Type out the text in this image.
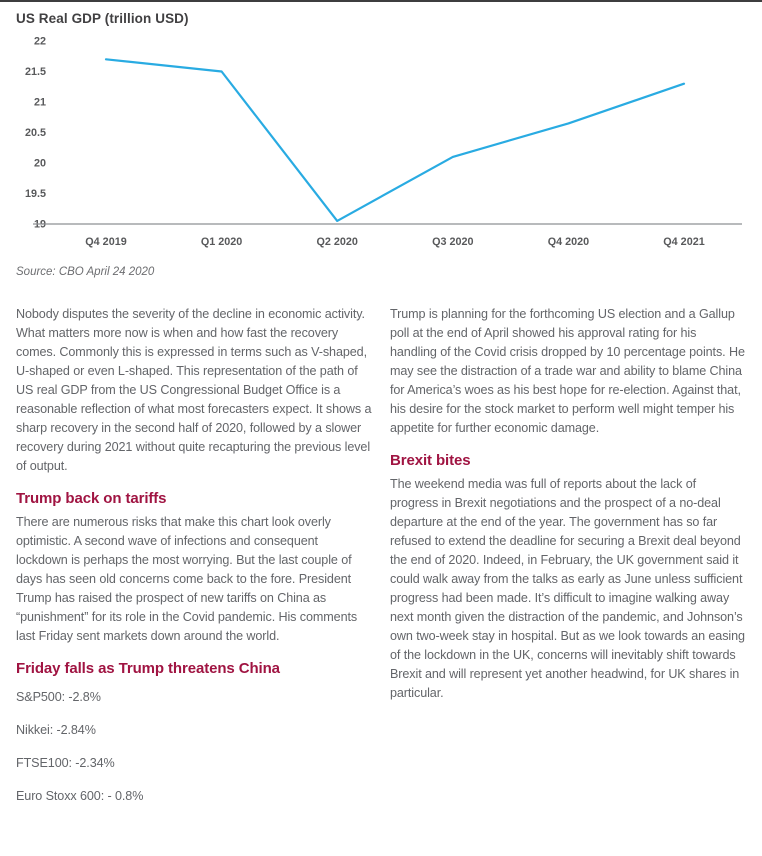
US Real GDP (trillion USD)
19
19.5
20
20.5
21
21.5
22
Q4 2019	Q1 2020	Q2 2020	Q3 2020	Q4 2020	Q4 2021
Source: CBO April 24 2020

Nobody disputes the severity of the decline in economic activity. What matters more now is when and how fast the recovery comes. Commonly this is expressed in terms such as V-shaped, U-shaped or even L-shaped. This representation of the path of US real GDP from the US Congressional Budget Office is a reasonable reflection of what most forecasters expect. It shows a sharp recovery in the second half of 2020, followed by a slower recovery during 2021 without quite recapturing the previous level of output.

Trump back on tariffs

There are numerous risks that make this chart look overly optimistic. A second wave of infections and consequent lockdown is perhaps the most worrying. But the last couple of days has seen old concerns come back to the fore. President Trump has raised the prospect of new tariffs on China as “punishment” for its role in the Covid pandemic. His comments last Friday sent markets down around the world.

Friday falls as Trump threatens China

S&P500: -2.8%

Nikkei: -2.84%

FTSE100: -2.34%

Euro Stoxx 600: - 0.8%

Trump is planning for the forthcoming US election and a Gallup poll at the end of April showed his approval rating for his handling of the Covid crisis dropped by 10 percentage points. He may see the distraction of a trade war and ability to blame China for America’s woes as his best hope for re-election. Against that, his desire for the stock market to perform well might temper his appetite for further economic damage.

Brexit bites

The weekend media was full of reports about the lack of progress in Brexit negotiations and the prospect of a no-deal departure at the end of the year. The government has so far refused to extend the deadline for securing a Brexit deal beyond the end of 2020. Indeed, in February, the UK government said it could walk away from the talks as early as June unless sufficient progress had been made. It’s difficult to imagine walking away next month given the distraction of the pandemic, and Johnson’s own two-week stay in hospital. But as we look towards an easing of the lockdown in the UK, concerns will inevitably shift towards Brexit and will represent yet another headwind, for UK shares in particular.
